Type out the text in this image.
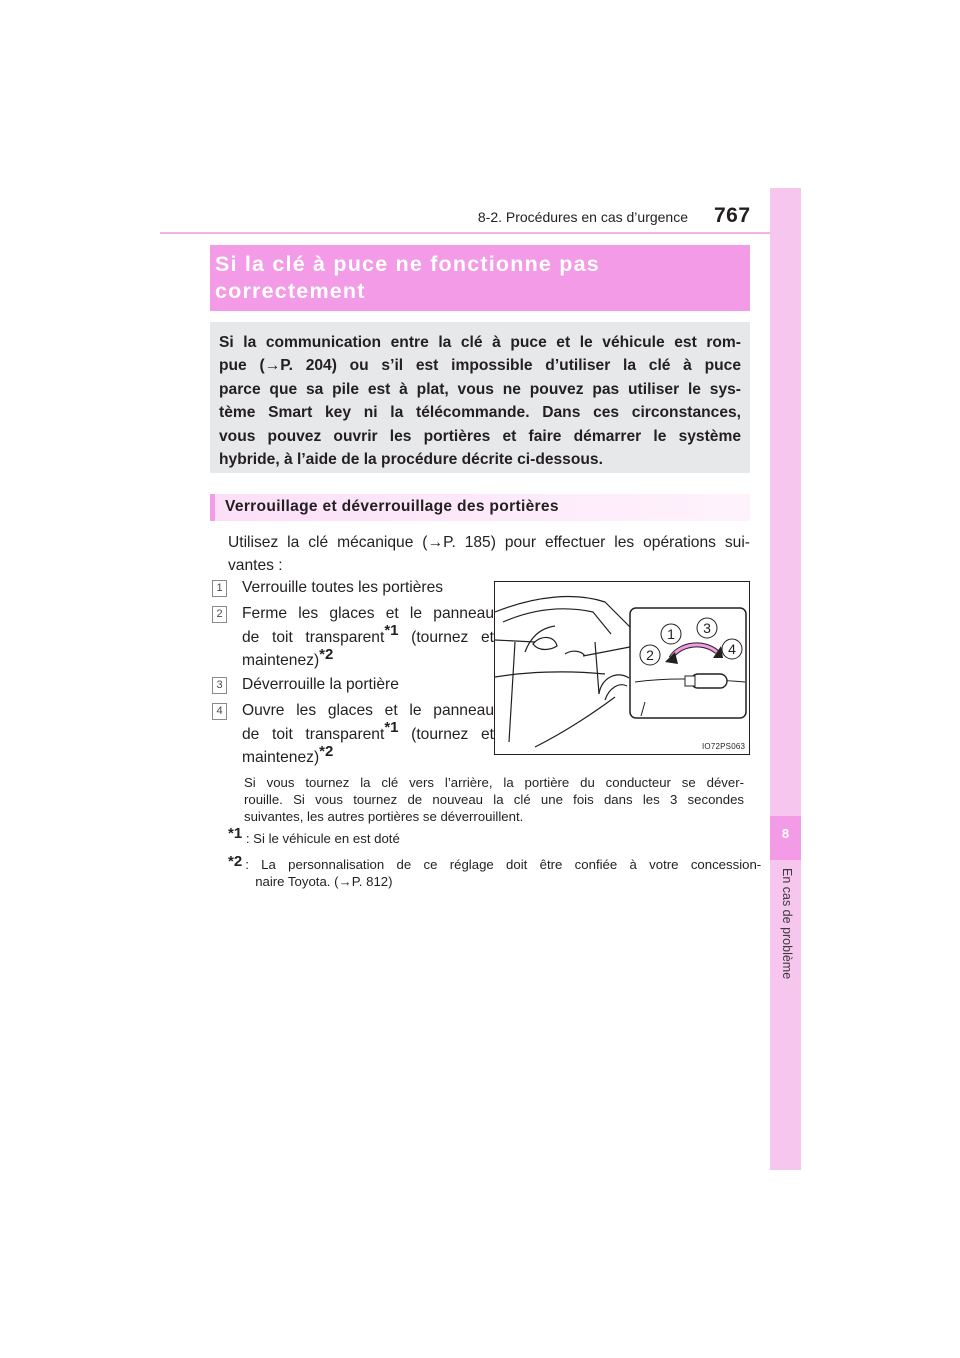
8-2. Procédures en cas d’urgence 767
8
En cas de problème
Si la clé à puce ne fonctionne pas
correctement
Si la communication entre la clé à puce et le véhicule est rom-
pue (→P. 204) ou s’il est impossible d’utiliser la clé à puce
parce que sa pile est à plat, vous ne pouvez pas utiliser le sys-
tème Smart key ni la télécommande. Dans ces circonstances,
vous pouvez ouvrir les portières et faire démarrer le système
hybride, à l’aide de la procédure décrite ci-dessous.
Verrouillage et déverrouillage des portières
Utilisez la clé mécanique (→P. 185) pour effectuer les opérations sui-
vantes :
1 Verrouille toutes les portières
2 Ferme les glaces et le panneau
de toit transparent$^{*1}$ (tournez et
maintenez)$^{*2}$
3 Déverrouille la portière
4 Ouvre les glaces et le panneau
de toit transparent$^{*1}$ (tournez et
maintenez)$^{*2}$
1
2
3
4
IO72PS063
Si vous tournez la clé vers l’arrière, la portière du conducteur se déver-
rouille. Si vous tournez de nouveau la clé une fois dans les 3 secondes
suivantes, les autres portières se déverrouillent.
$^{*1}$ : Si le véhicule en est doté
*2 : La personnalisation de ce réglage doit être confiée à votre concession-
naire Toyota. (→P. 812)
